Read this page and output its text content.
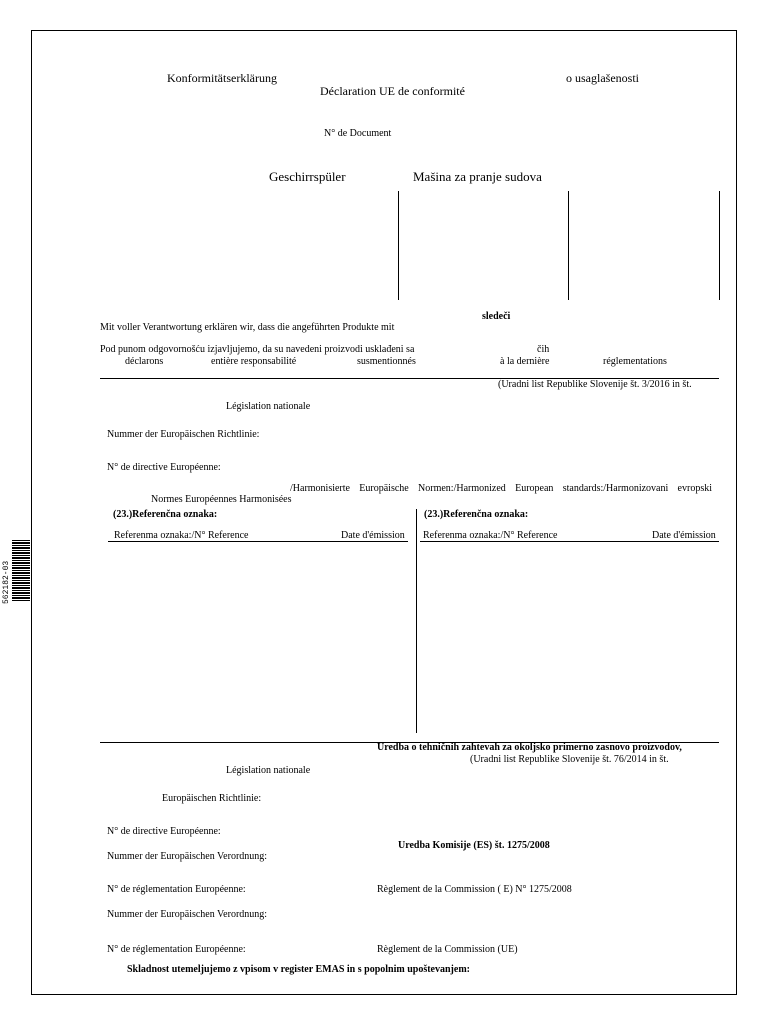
562182-03
Konformitätserklärung	o usaglašenosti
Déclaration UE de conformité
N° de Document
Geschirrspüler	Mašina za pranje sudova
sledeči
Mit voller Verantwortung erklären wir, dass die angeführten Produkte mit
Pod punom odgovornošću izjavljujemo, da su navedeni proizvodi usklađeni sa	čih
déclarons	entière responsabilité	susmentionnés	à la dernière	réglementations
(Uradni list Republike Slovenije št. 3/2016 in št.
Législation nationale
Nummer der Europäischen Richtlinie:
N° de directive Européenne:
/Harmonisierte Europäische Normen:/Harmonized European standards:/Harmonizovani evropski
Normes Européennes Harmonisées
(23.)Referenčna oznaka:	(23.)Referenčna oznaka:
Referenma oznaka:/N° Reference	Date d'émission Referenma oznaka:/N° Reference	Date d'émission
Uredba o tehničnih zahtevah za okoljsko primerno zasnovo proizvodov,
(Uradni list Republike Slovenije št. 76/2014 in št.
Législation nationale
Europäischen Richtlinie:
N° de directive Européenne:
Uredba Komisije (ES) št. 1275/2008
Nummer der Europäischen Verordnung:
N° de réglementation Européenne:	Règlement de la Commission ( E) N° 1275/2008
Nummer der Europäischen Verordnung:
N° de réglementation Européenne:	Règlement de la Commission (UE)
Skladnost utemeljujemo z vpisom v register EMAS in s popolnim upoštevanjem:
